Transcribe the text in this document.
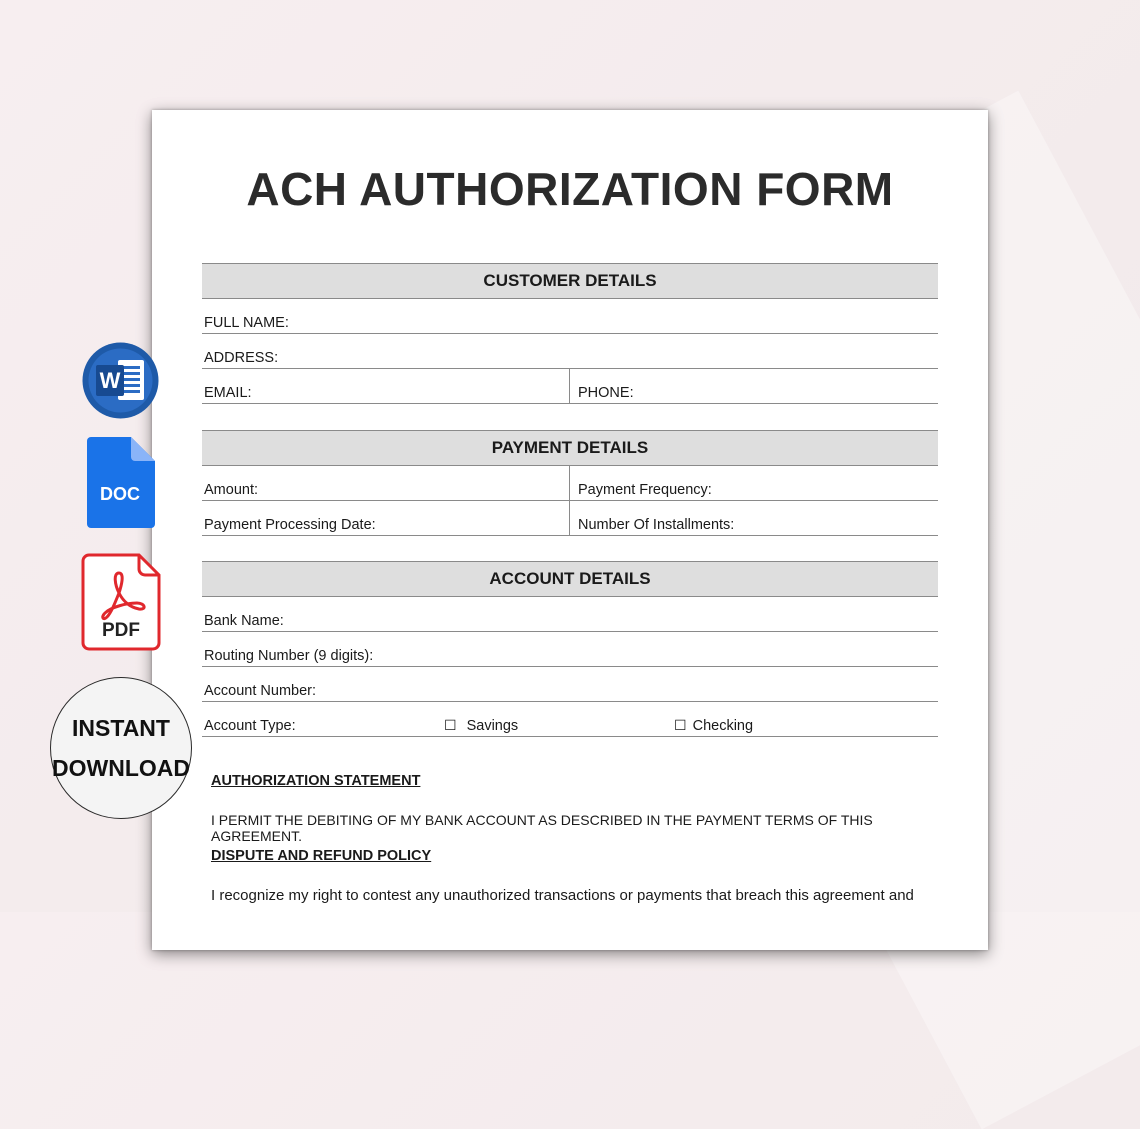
ACH AUTHORIZATION FORM
CUSTOMER DETAILS
FULL NAME:
ADDRESS:
EMAIL:	PHONE:
PAYMENT DETAILS
Amount:	Payment Frequency:
Payment Processing Date:	Number Of Installments:
ACCOUNT DETAILS
Bank Name:
Routing Number (9 digits):
Account Number:
Account Type:	☐ Savings	☐ Checking
AUTHORIZATION STATEMENT
I PERMIT THE DEBITING OF MY BANK ACCOUNT AS DESCRIBED IN THE PAYMENT TERMS OF THIS AGREEMENT.
DISPUTE AND REFUND POLICY
I recognize my right to contest any unauthorized transactions or payments that breach this agreement and
W
DOC
PDF
INSTANT
DOWNLOAD
